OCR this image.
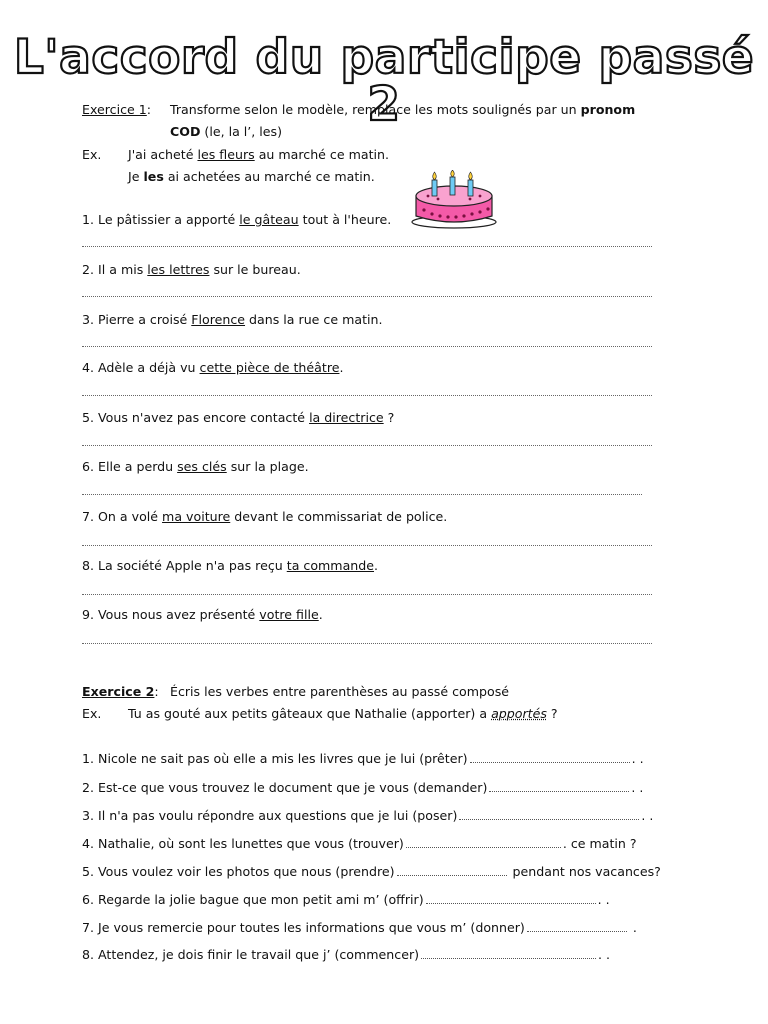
L'accord du participe passé 2
Exercice 1: Transforme selon le modèle, remplace les mots soulignés par un pronom
COD (le, la l’, les)
Ex. J'ai acheté les fleurs au marché ce matin.
Je les ai achetées au marché ce matin.
1. Le pâtissier a apporté le gâteau tout à l'heure.
2. Il a mis les lettres sur le bureau.
3. Pierre a croisé Florence dans la rue ce matin.
4. Adèle a déjà vu cette pièce de théâtre.
5. Vous n'avez pas encore contacté la directrice ?
6. Elle a perdu ses clés sur la plage.
7. On a volé ma voiture devant le commissariat de police.
8. La société Apple n'a pas reçu ta commande.
9. Vous nous avez présenté votre fille.
Exercice 2: Écris les verbes entre parenthèses au passé composé
Ex. Tu as gouté aux petits gâteaux que Nathalie (apporter) a apportés ?
1. Nicole ne sait pas où elle a mis les livres que je lui (prêter)	. .
2. Est-ce que vous trouvez le document que je vous (demander)	. .
3. Il n'a pas voulu répondre aux questions que je lui (poser)	. .
4. Nathalie, où sont les lunettes que vous (trouver)	. ce matin ?
5. Vous voulez voir les photos que nous (prendre)	pendant nos vacances?
6. Regarde la jolie bague que mon petit ami m’ (offrir)	. .
7. Je vous remercie pour toutes les informations que vous m’ (donner)	.
8. Attendez, je dois finir le travail que j’ (commencer)	. .
